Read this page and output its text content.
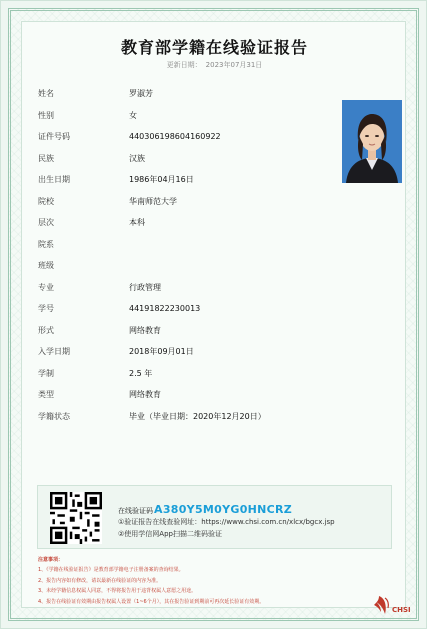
教育部学籍在线验证报告
更新日期： 2023年07月31日
姓名	罗淑芳
性别	女
证件号码	440306198604160922
民族	汉族
出生日期	1986年04月16日
院校	华南师范大学
层次	本科
院系
班级
专业	行政管理
学号	44191822230013
形式	网络教育
入学日期	2018年09月01日
学制	2.5 年
类型	网络教育
学籍状态	毕业（毕业日期：2020年12月20日）
在线验证码A380Y5M0YG0HNCRZ
①验证报告在线查验网址：https://www.chsi.com.cn/xlcx/bgcx.jsp
②使用学信网App扫描二维码验证
注意事项：
1、《学籍在线验证报告》是教育部学籍电子注册备案的查询结果。
2、报告内容如有修改，请以最新在线验证的内容为准。
3、未经学籍信息权属人同意，不得将报告用于违背权属人意愿之用途。
4、报告在线验证有效期由报告权属人设置（1~6个月），其在报告验证到期前可再次延长验证有效期。
CHSI
